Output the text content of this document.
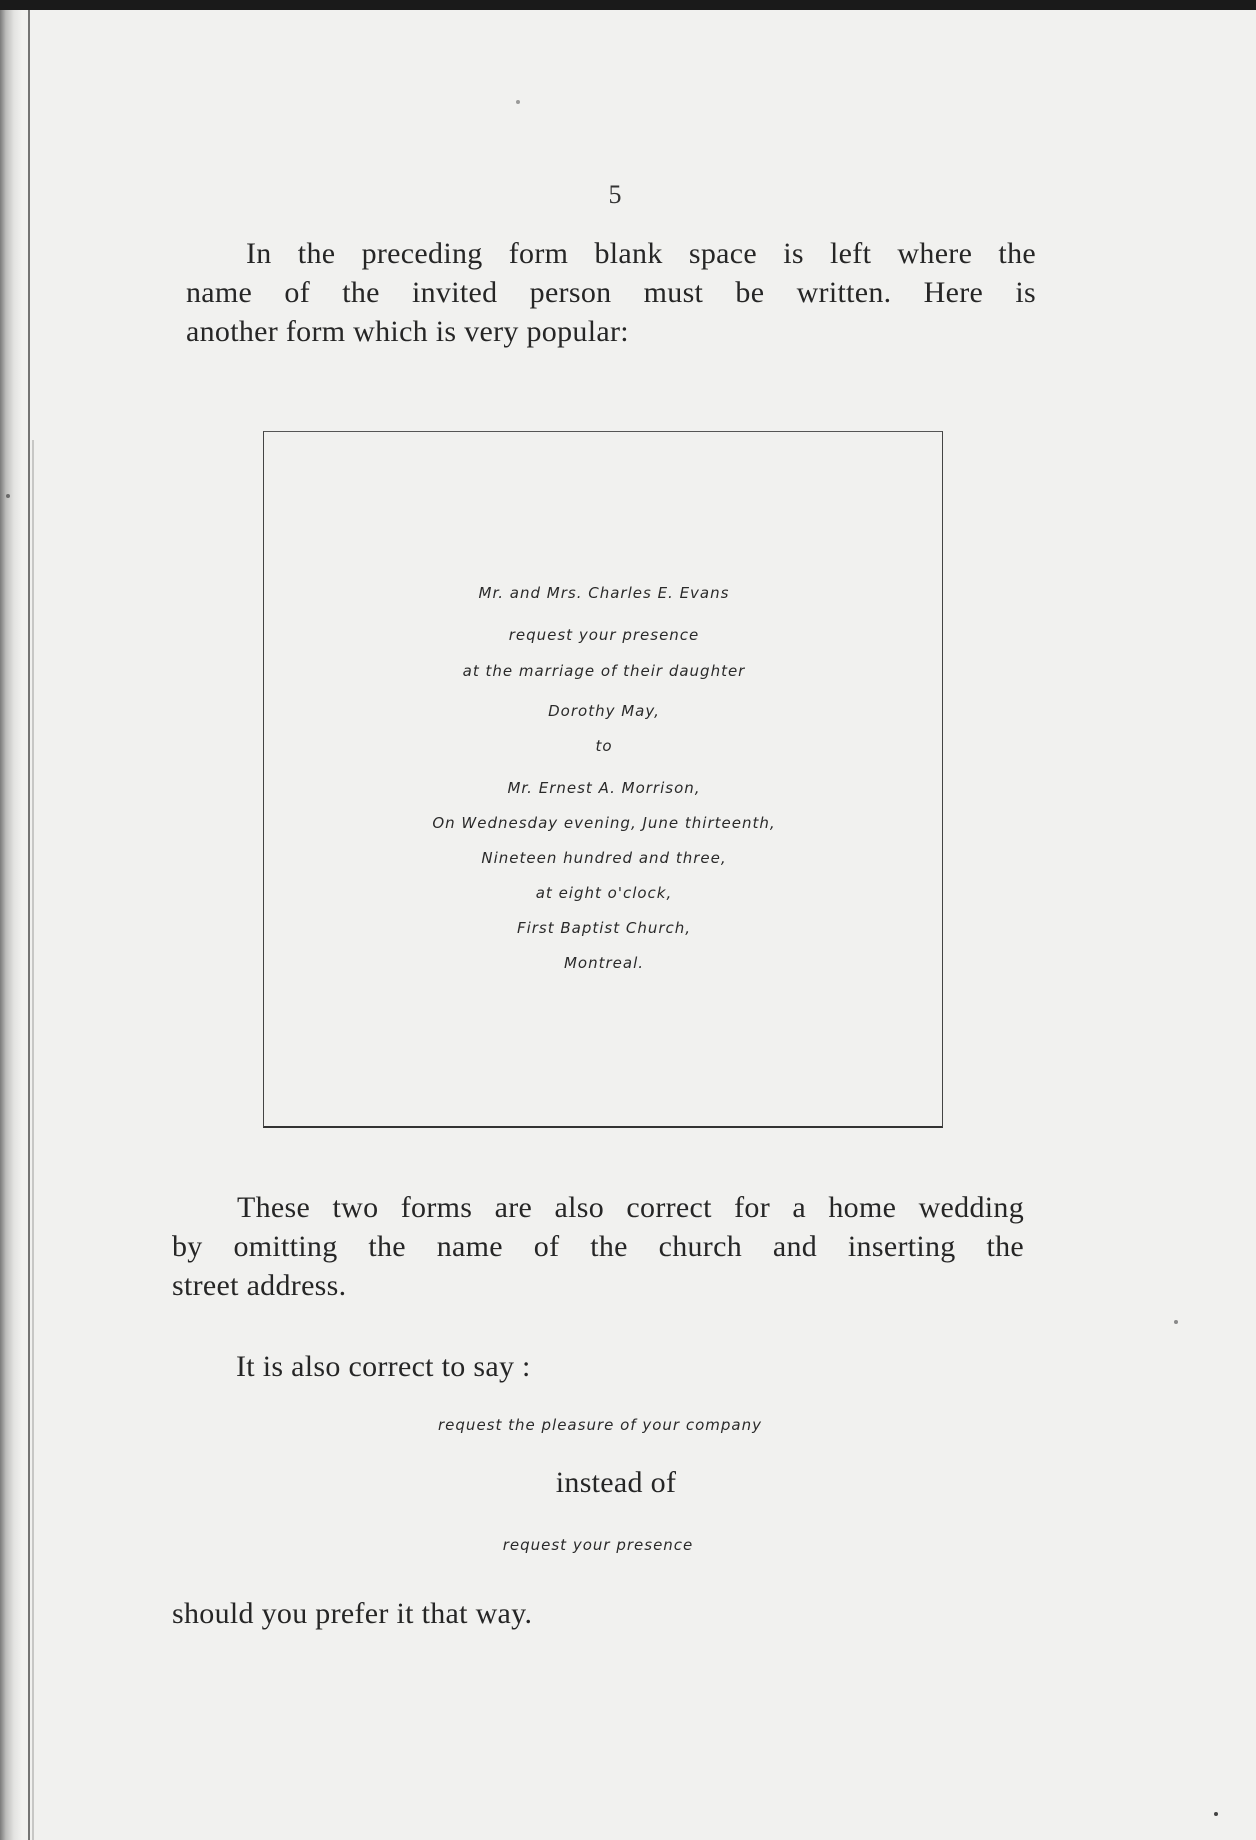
5

In the preceding form blank space is left where the
name of the invited person must be written. Here is
another form which is very popular:

Mr. and Mrs. Charles E. Evans
request your presence
at the marriage of their daughter
Dorothy May,
to
Mr. Ernest A. Morrison,
On Wednesday evening, June thirteenth,
Nineteen hundred and three,
at eight o'clock,
First Baptist Church,
Montreal.

These two forms are also correct for a home wedding
by omitting the name of the church and inserting the
street address.

It is also correct to say :
request the pleasure of your company
instead of
request your presence
should you prefer it that way.
